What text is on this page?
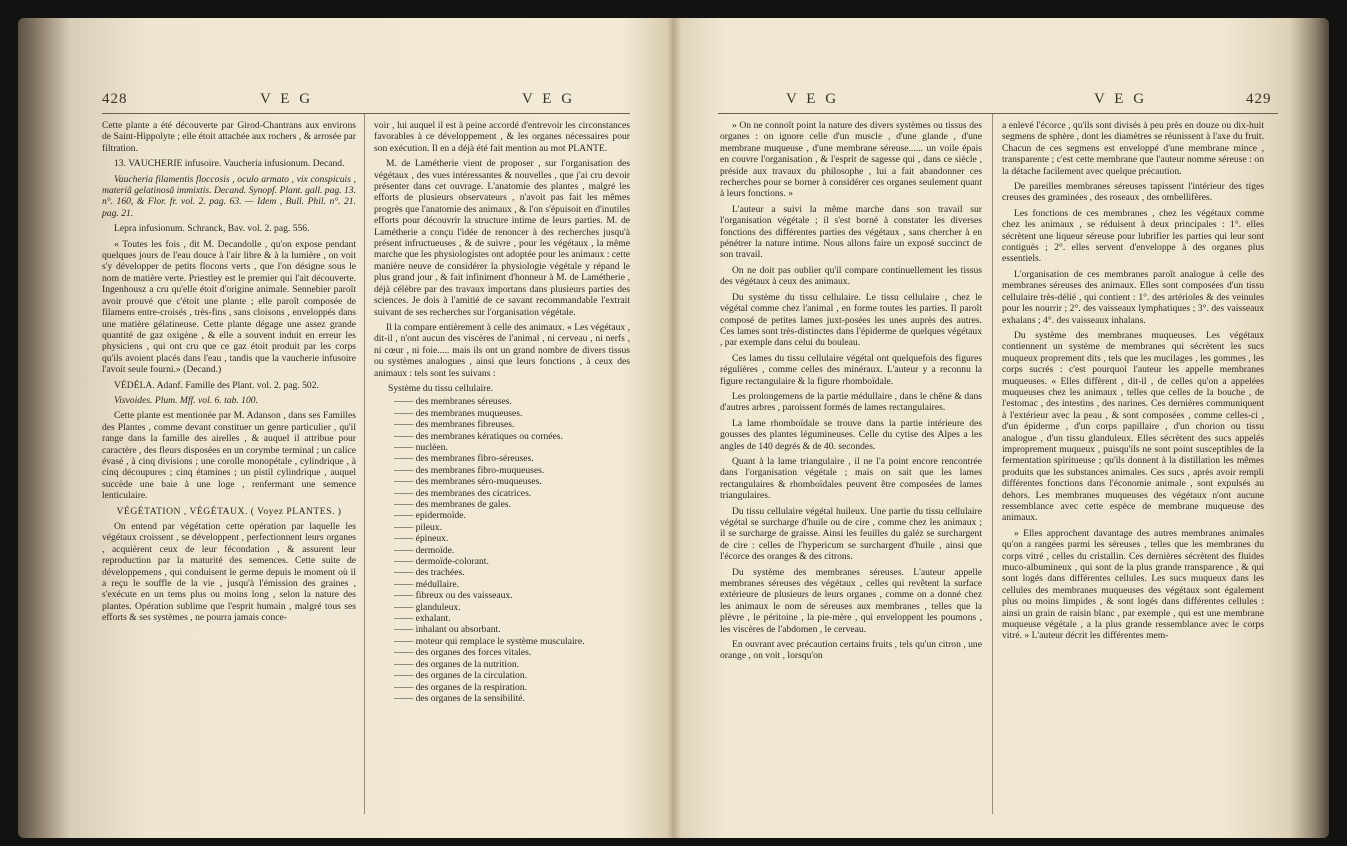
428	V E G	V E G

Cette plante a été découverte par Girod-Chantrans aux environs de Saint-Hippolyte ; elle étoit attachée aux rochers , & arrosée par filtration.

13. VAUCHERIE infusoire. Vaucheria infusionum. Decand.

Vaucheria filamentis floccosis , oculo armato , vix conspicuis , materiâ gelatinosâ immixtis. Decand. Synopf. Plant. gall. pag. 13. n°. 160, & Flor. fr. vol. 2. pag. 63. — Idem , Bull. Phil. n°. 21. pag. 21.

Lepra infusionum. Schranck, Bav. vol. 2. pag. 556.

« Toutes les fois , dit M. Decandolle , qu'on expose pendant quelques jours de l'eau douce à l'air libre & à la lumière , on voit s'y développer de petits flocons verts , que l'on désigne sous le nom de matière verte. Priestley est le premier qui l'ait découverte. Ingenhousz a cru qu'elle étoit d'origine animale. Sennebier paroît avoir prouvé que c'étoit une plante ; elle paroît composée de filamens entre-croisés , très-fins , sans cloisons , enveloppés dans une matière gélatineuse. Cette plante dégage une assez grande quantité de gaz oxigène , & elle a souvent induit en erreur les physiciens , qui ont cru que ce gaz étoit produit par les corps qu'ils avoient placés dans l'eau , tandis que la vaucherie infusoire l'avoit seule fourni.» (Decand.)

VÉDÉLA. Adanf. Famille des Plant. vol. 2. pag. 502.

Visvoides. Plum. Mff. vol. 6. tab. 100.

Cette plante est mentionée par M. Adanson , dans ses Familles des Plantes , comme devant constituer un genre particulier , qu'il range dans la famille des airelles , & auquel il attribue pour caractère , des fleurs disposées en un corymbe terminal ; un calice évasé , à cinq divisions ; une corolle monopétale , cylindrique , à cinq découpures ; cinq étamines ; un pistil cylindrique , auquel succède une baie à une loge , renfermant une semence lenticulaire.

VÉGÉTATION , VÉGÉTAUX. ( Voyez PLANTES. )

On entend par végétation cette opération par laquelle les végétaux croissent , se développent , perfectionnent leurs organes , acquièrent ceux de leur fécondation , & assurent leur reproduction par la maturité des semences. Cette suite de développemens , qui conduisent le germe depuis le moment où il a reçu le souffle de la vie , jusqu'à l'émission des graines , s'exécute en un tems plus ou moins long , selon la nature des plantes. Opération sublime que l'esprit humain , malgré tous ses efforts & ses systèmes , ne pourra jamais conce-

voir , lui auquel il est à peine accordé d'entrevoir les circonstances favorables à ce développement , & les organes nécessaires pour son exécution. Il en a déjà été fait mention au mot PLANTE.

M. de Lamétherie vient de proposer , sur l'organisation des végétaux , des vues intéressantes & nouvelles , que j'ai cru devoir présenter dans cet ouvrage. L'anatomie des plantes , malgré les efforts de plusieurs observateurs , n'avoit pas fait les mêmes progrès que l'anatomie des animaux , & l'on s'épuisoit en d'inutiles efforts pour découvrir la structure intime de leurs parties. M. de Lamétherie a conçu l'idée de renoncer à des recherches jusqu'à présent infructueuses , & de suivre , pour les végétaux , la même marche que les physiologistes ont adoptée pour les animaux : cette manière neuve de considérer la physiologie végétale y répand le plus grand jour , & fait infiniment d'honneur à M. de Lamétherie , déjà célèbre par des travaux importans dans plusieurs parties des sciences. Je dois à l'amitié de ce savant recommandable l'extrait suivant de ses recherches sur l'organisation végétale.

Il la compare entièrement à celle des animaux. « Les végétaux , dit-il , n'ont aucun des viscères de l'animal , ni cerveau , ni nerfs , ni cœur , ni foie..... mais ils ont un grand nombre de divers tissus ou systèmes analogues , ainsi que leurs fonctions , à ceux des animaux : tels sont les suivans :

Système du tissu cellulaire.

—— des membranes séreuses.
—— des membranes muqueuses.
—— des membranes fibreuses.
—— des membranes kératiques ou cornées.
—— nucléen.
—— des membranes fibro-séreuses.
—— des membranes fibro-muqueuses.
—— des membranes séro-muqueuses.
—— des membranes des cicatrices.
—— des membranes de gales.
—— epidermoïde.
—— pileux.
—— épineux.
—— dermoïde.
—— dermoïde-colorant.
—— des trachées.
—— médullaire.
—— fibreux ou des vaisseaux.
—— glanduleux.
—— exhalant.
—— inhalant ou absorbant.
—— moteur qui remplace le système musculaire.
—— des organes des forces vitales.
—— des organes de la nutrition.
—— des organes de la circulation.
—— des organes de la respiration.
—— des organes de la sensibilité.
V E G	V E G	429

» On ne connoît point la nature des divers systèmes ou tissus des organes : on ignore celle d'un muscle , d'une glande , d'une membrane muqueuse , d'une membrane séreuse...... un voile épais en couvre l'organisation , & l'esprit de sagesse qui , dans ce siècle , préside aux travaux du philosophe , lui a fait abandonner ces recherches pour se borner à considérer ces organes seulement quant à leurs fonctions. »

L'auteur a suivi la même marche dans son travail sur l'organisation végétale ; il s'est borné à constater les diverses fonctions des différentes parties des végétaux , sans chercher à en pénétrer la nature intime. Nous allons faire un exposé succinct de son travail.

On ne doit pas oublier qu'il compare continuellement les tissus des végétaux à ceux des animaux.

Du système du tissu cellulaire. Le tissu cellulaire , chez le végétal comme chez l'animal , en forme toutes les parties. Il paroît composé de petites lames juxt-posées les unes auprès des autres. Ces lames sont très-distinctes dans l'épiderme de quelques végétaux , par exemple dans celui du bouleau.

Ces lames du tissu cellulaire végétal ont quelquefois des figures régulières , comme celles des minéraux. L'auteur y a reconnu la figure rectangulaire & la figure rhomboïdale.

Les prolongemens de la partie médullaire , dans le chêne & dans d'autres arbres , paroissent formés de lames rectangulaires.

La lame rhomboïdale se trouve dans la partie intérieure des gousses des plantes légumineuses. Celle du cytise des Alpes a les angles de 140 degrés & de 40. secondes.

Quant à la lame triangulaire , il ne l'a point encore rencontrée dans l'organisation végétale ; mais on sait que les lames rectangulaires & rhomboïdales peuvent être composées de lames triangulaires.

Du tissu cellulaire végétal huileux. Une partie du tissu cellulaire végétal se surcharge d'huile ou de cire , comme chez les animaux ; il se surcharge de graisse. Ainsi les feuilles du galéz se surchargent de cire : celles de l'hypericum se surchargent d'huile , ainsi que l'écorce des oranges & des citrons.

Du système des membranes séreuses. L'auteur appelle membranes séreuses des végétaux , celles qui revêtent la surface extérieure de plusieurs de leurs organes , comme on a donné chez les animaux le nom de séreuses aux membranes , telles que la plèvre , le péritoine , la pie-mère , qui enveloppent les poumons , les viscères de l'abdomen , le cerveau.

En ouvrant avec précaution certains fruits , tels qu'un citron , une orange , on voit , lorsqu'on

a enlevé l'écorce , qu'ils sont divisés à peu près en douze ou dix-huit segmens de sphère , dont les diamètres se réunissent à l'axe du fruit. Chacun de ces segmens est enveloppé d'une membrane mince , transparente ; c'est cette membrane que l'auteur nomme séreuse : on la détache facilement avec quelque précaution.

De pareilles membranes séreuses tapissent l'intérieur des tiges creuses des graminées , des roseaux , des ombellifères.

Les fonctions de ces membranes , chez les végétaux comme chez les animaux , se réduisent à deux principales : 1°. elles sécrètent une liqueur séreuse pour lubrifier les parties qui leur sont contiguës ; 2°. elles servent d'enveloppe à des organes plus essentiels.

L'organisation de ces membranes paroît analogue à celle des membranes séreuses des animaux. Elles sont composées d'un tissu cellulaire très-délié , qui contient : 1°. des artérioles & des veinules pour les nourrir ; 2°. des vaisseaux lymphatiques ; 3°. des vaisseaux exhalans ; 4°. des vaisseaux inhalans.

Du système des membranes muqueuses. Les végétaux contiennent un système de membranes qui sécrètent les sucs muqueux proprement dits , tels que les mucilages , les gommes , les corps sucrés : c'est pourquoi l'auteur les appelle membranes muqueuses. « Elles diffèrent , dit-il , de celles qu'on a appelées muqueuses chez les animaux , telles que celles de la bouche , de l'estomac , des intestins , des narines. Ces dernières communiquent à l'extérieur avec la peau , & sont composées , comme celles-ci , d'un épiderme , d'un corps papillaire , d'un chorion ou tissu analogue , d'un tissu glanduleux. Elles sécrètent des sucs appelés improprement muqueux , puisqu'ils ne sont point susceptibles de la fermentation spiritueuse ; qu'ils donnent à la distillation les mêmes produits que les substances animales. Ces sucs , après avoir rempli différentes fonctions dans l'économie animale , sont expulsés au dehors. Les membranes muqueuses des végétaux n'ont aucune ressemblance avec cette espèce de membrane muqueuse des animaux.

» Elles approchent davantage des autres membranes animales qu'on a rangées parmi les séreuses , telles que les membranes du corps vitré , celles du cristallin. Ces dernières sécrètent des fluides muco-albumineux , qui sont de la plus grande transparence , & qui sont logés dans différentes cellules. Les sucs muqueux dans les cellules des membranes muqueuses des végétaux sont également plus ou moins limpides , & sont logés dans différentes cellules : ainsi un grain de raisin blanc , par exemple , qui est une membrane muqueuse végétale , a la plus grande ressemblance avec le corps vitré. » L'auteur décrit les différentes mem-
